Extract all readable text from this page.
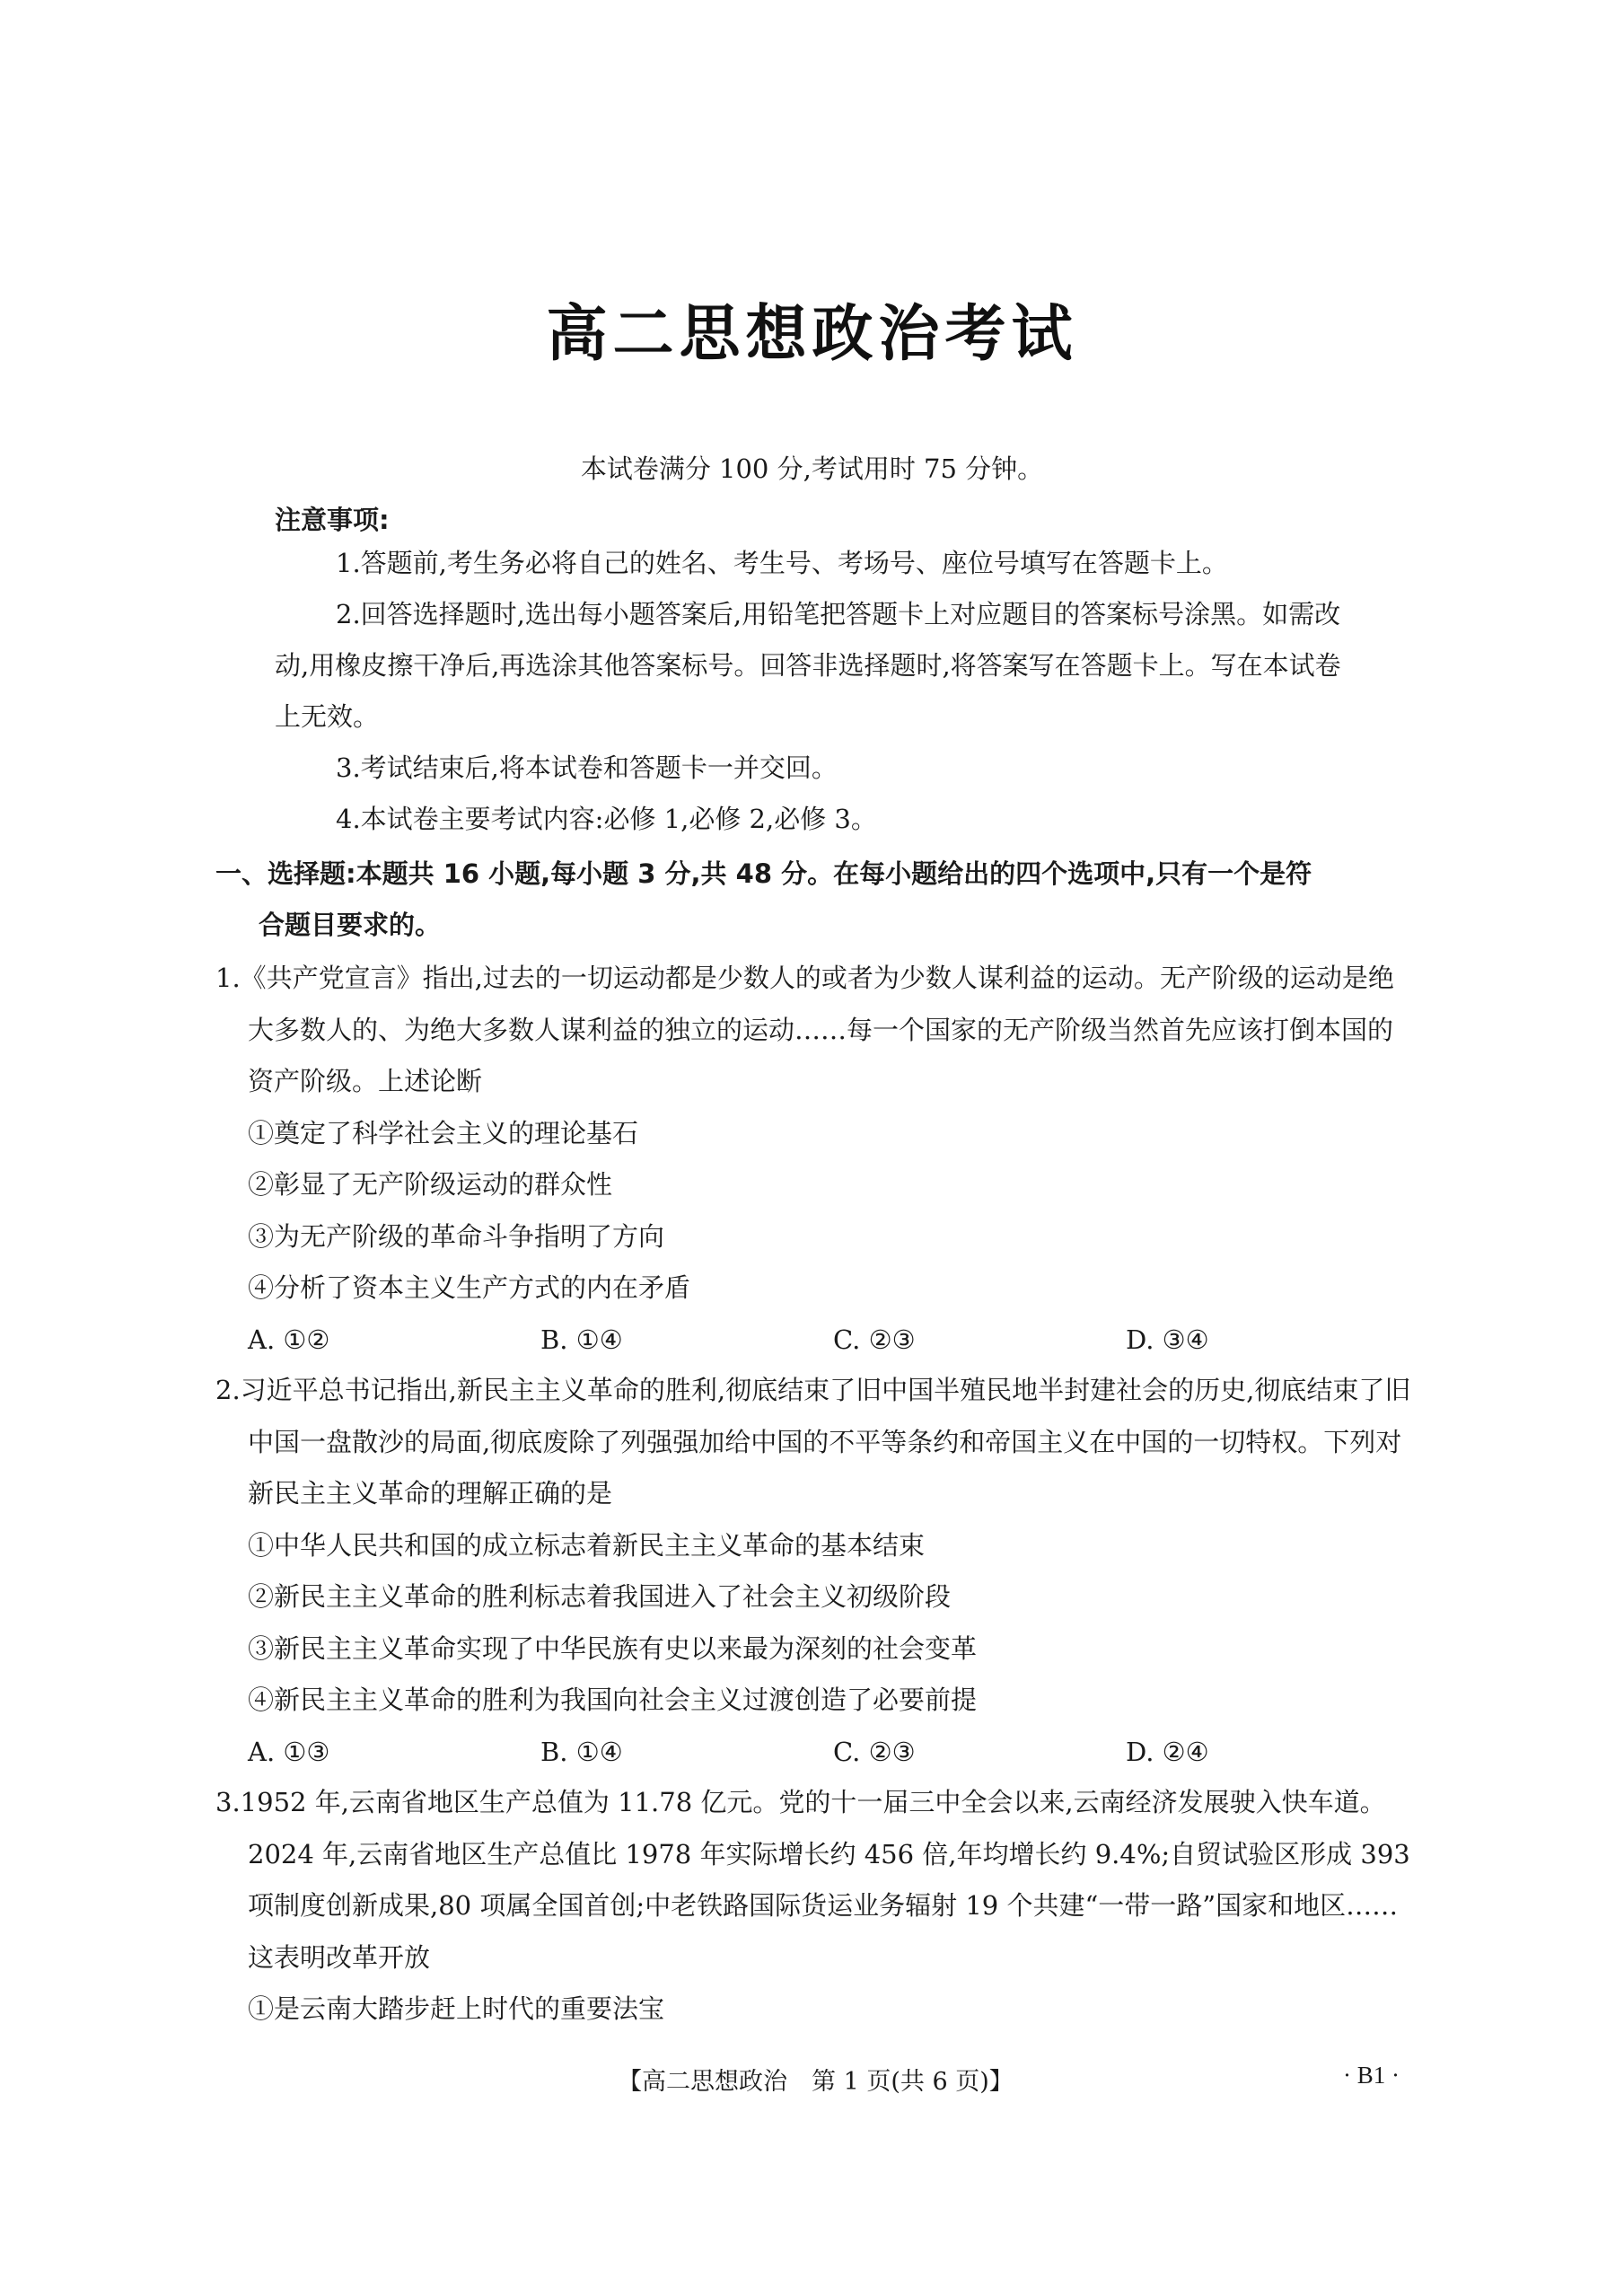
高二思想政治考试
本试卷满分 100 分,考试用时 75 分钟。
注意事项:

1.答题前,考生务必将自己的姓名、考生号、考场号、座位号填写在答题卡上。

2.回答选择题时,选出每小题答案后,用铅笔把答题卡上对应题目的答案标号涂黑。如需改动,用橡皮擦干净后,再选涂其他答案标号。回答非选择题时,将答案写在答题卡上。写在本试卷上无效。

3.考试结束后,将本试卷和答题卡一并交回。

4.本试卷主要考试内容:必修 1,必修 2,必修 3。

一、选择题:本题共 16 小题,每小题 3 分,共 48 分。在每小题给出的四个选项中,只有一个是符
合题目要求的。

1.《共产党宣言》指出,过去的一切运动都是少数人的或者为少数人谋利益的运动。无产阶级的运动是绝大多数人的、为绝大多数人谋利益的独立的运动……每一个国家的无产阶级当然首先应该打倒本国的资产阶级。上述论断

①奠定了科学社会主义的理论基石

②彰显了无产阶级运动的群众性

③为无产阶级的革命斗争指明了方向

④分析了资本主义生产方式的内在矛盾

A. ①②	B. ①④	C. ②③	D. ③④

2.习近平总书记指出,新民主主义革命的胜利,彻底结束了旧中国半殖民地半封建社会的历史,彻底结束了旧中国一盘散沙的局面,彻底废除了列强强加给中国的不平等条约和帝国主义在中国的一切特权。下列对新民主主义革命的理解正确的是

①中华人民共和国的成立标志着新民主主义革命的基本结束

②新民主主义革命的胜利标志着我国进入了社会主义初级阶段

③新民主主义革命实现了中华民族有史以来最为深刻的社会变革

④新民主主义革命的胜利为我国向社会主义过渡创造了必要前提

A. ①③	B. ①④	C. ②③	D. ②④

3.1952 年,云南省地区生产总值为 11.78 亿元。党的十一届三中全会以来,云南经济发展驶入快车道。2024 年,云南省地区生产总值比 1978 年实际增长约 456 倍,年均增长约 9.4%;自贸试验区形成 393 项制度创新成果,80 项属全国首创;中老铁路国际货运业务辐射 19 个共建“一带一路”国家和地区……这表明改革开放

①是云南大踏步赶上时代的重要法宝

【高二思想政治　第 1 页(共 6 页)】	· B1 ·
